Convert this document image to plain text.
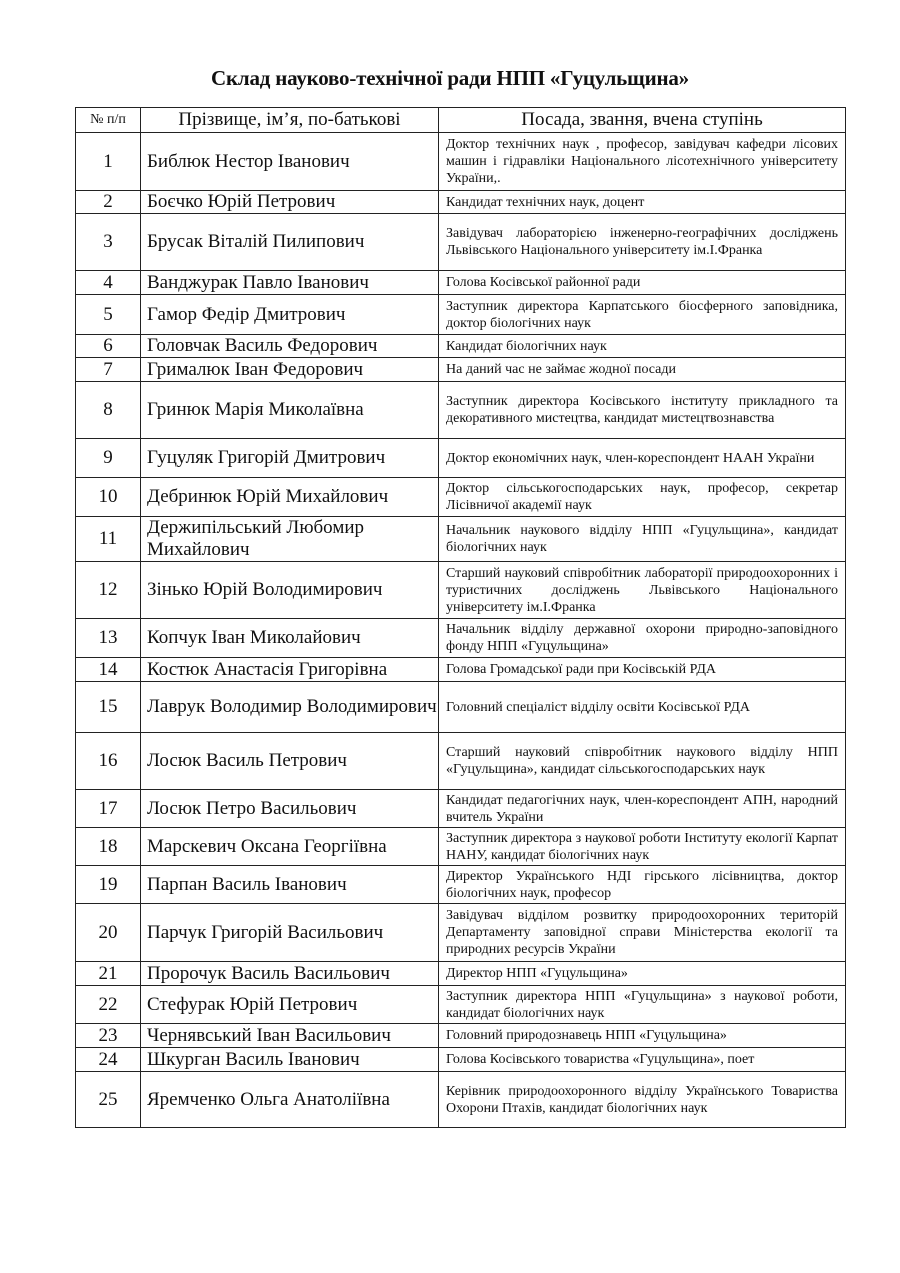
Склад науково-технічної ради НПП «Гуцульщина»
№ п/п	Прізвище, ім’я, по-батькові	Посада, звання, вчена ступінь
1	Библюк Нестор Іванович	Доктор технічних наук , професор, завідувач кафедри лісових машин і гідравліки Національного лісотехнічного університету України,.
2	Боєчко Юрій Петрович	Кандидат технічних наук, доцент
3	Брусак Віталій Пилипович	Завідувач лабораторією інженерно-географічних досліджень Львівського Національного університету ім.І.Франка
4	Ванджурак Павло Іванович	Голова Косівської районної ради
5	Гамор Федір Дмитрович	Заступник директора Карпатського біосферного заповідника, доктор біологічних наук
6	Головчак Василь Федорович	Кандидат біологічних наук
7	Грималюк Іван Федорович	На даний час не займає жодної посади
8	Гринюк Марія Миколаївна	Заступник директора Косівського інституту прикладного та декоративного мистецтва, кандидат мистецтвознавства
9	Гуцуляк Григорій Дмитрович	Доктор економічних наук, член-кореспондент НААН України
10	Дебринюк Юрій Михайлович	Доктор сільськогосподарських наук, професор, секретар Лісівничої академії наук
11	Держипільський Любомир Михайлович	Начальник наукового відділу НПП «Гуцульщина», кандидат біологічних наук
12	Зінько Юрій Володимирович	Старший науковий співробітник лабораторії природоохоронних і туристичних досліджень Львівського Національного університету ім.І.Франка
13	Копчук Іван Миколайович	Начальник відділу державної охорони природно-заповідного фонду НПП «Гуцульщина»
14	Костюк Анастасія Григорівна	Голова Громадської ради при Косівській РДА
15	Лаврук Володимир Володимирович	Головний спеціаліст відділу освіти Косівської РДА
16	Лосюк Василь Петрович	Старший науковий співробітник наукового відділу НПП «Гуцульщина», кандидат сільськогосподарських наук
17	Лосюк Петро Васильович	Кандидат педагогічних наук, член-кореспондент АПН, народний вчитель України
18	Марскевич Оксана Георгіївна	Заступник директора з наукової роботи Інституту екології Карпат НАНУ, кандидат біологічних наук
19	Парпан Василь Іванович	Директор Українського НДІ гірського лісівництва, доктор біологічних наук, професор
20	Парчук Григорій Васильович	Завідувач відділом розвитку природоохоронних територій Департаменту заповідної справи Міністерства екології та природних ресурсів України
21	Пророчук Василь Васильович	Директор НПП «Гуцульщина»
22	Стефурак Юрій Петрович	Заступник директора НПП «Гуцульщина» з наукової роботи, кандидат біологічних наук
23	Чернявський Іван Васильович	Головний природознавець НПП «Гуцульщина»
24	Шкурган Василь Іванович	Голова Косівського товариства «Гуцульщина», поет
25	Яремченко Ольга Анатоліївна	Керівник природоохоронного відділу Українського Товариства Охорони Птахів, кандидат біологічних наук
